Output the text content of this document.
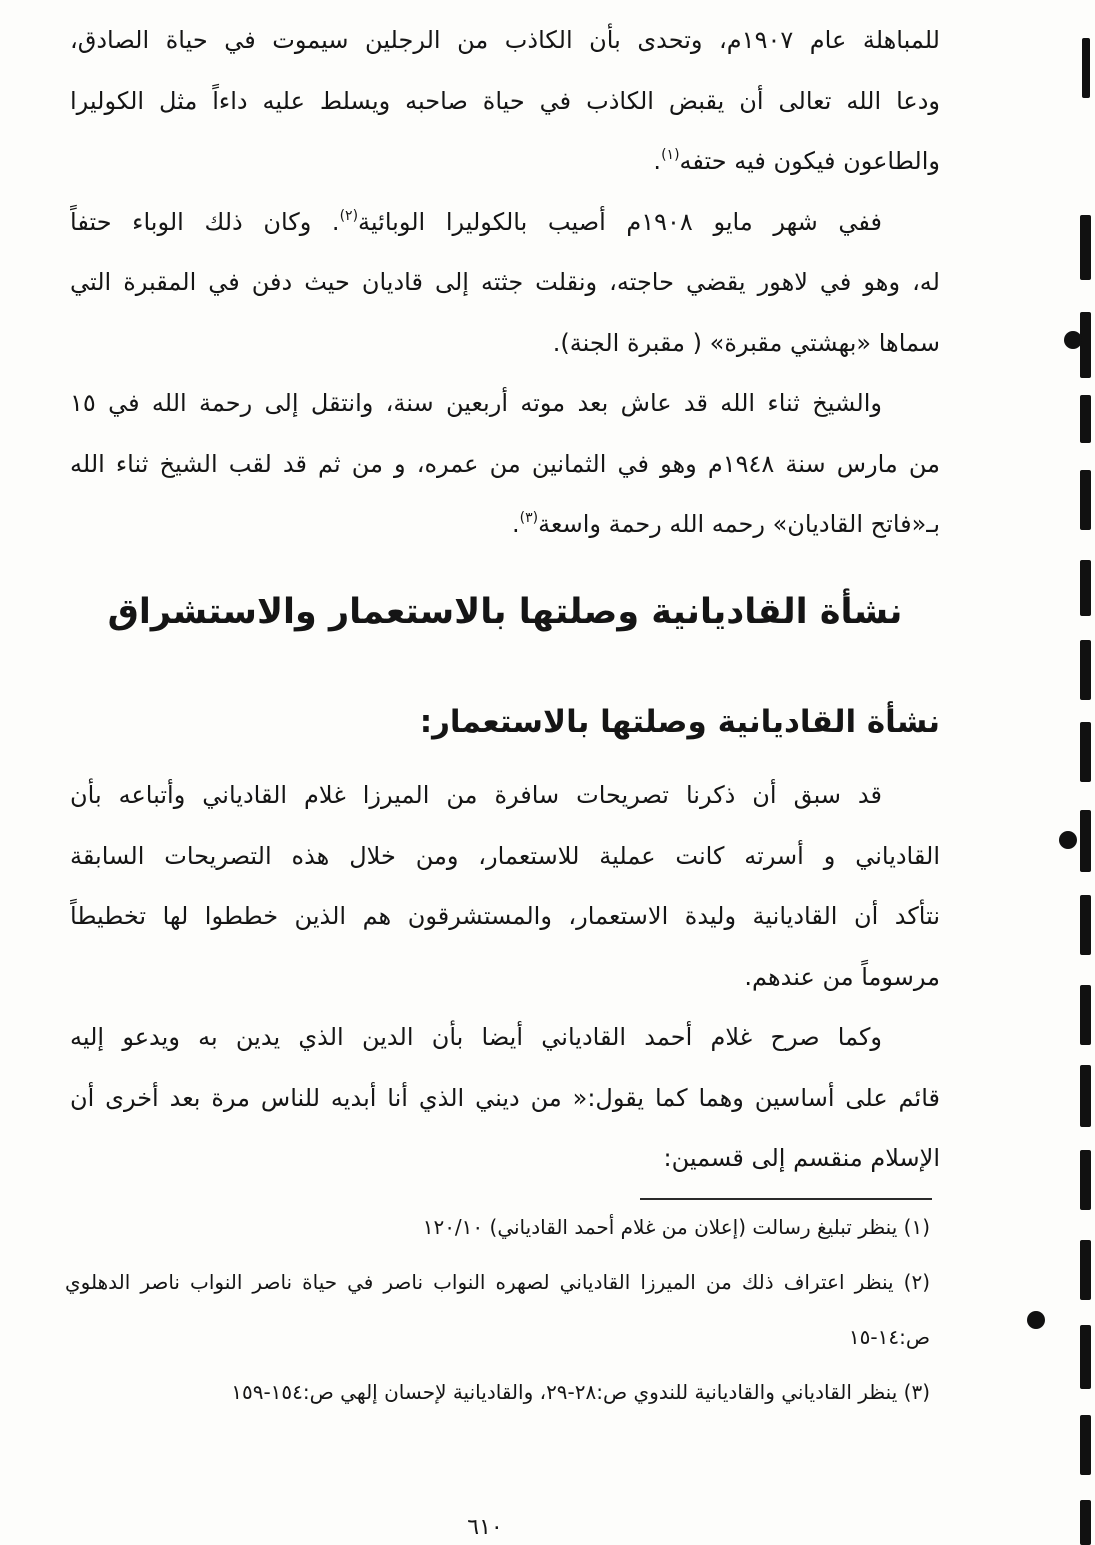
للمباهلة عام ١٩٠٧م، وتحدى بأن الكاذب من الرجلين سيموت في حياة الصادق،
ودعا الله تعالى أن يقبض الكاذب في حياة صاحبه ويسلط عليه داءاً مثل الكوليرا
والطاعون فيكون فيه حتفه$^{(١)}$.
ففي شهر مايو ١٩٠٨م أصيب بالكوليرا الوبائية$^{(٢)}$. وكان ذلك الوباء حتفاً
له، وهو في لاهور يقضي حاجته، ونقلت جثته إلى قاديان حيث دفن في المقبرة التي
سماها «بهشتي مقبرة» ( مقبرة الجنة).
والشيخ ثناء الله قد عاش بعد موته أربعين سنة، وانتقل إلى رحمة الله في ١٥
من مارس سنة ١٩٤٨م وهو في الثمانين من عمره، و من ثم قد لقب الشيخ ثناء الله
بـ«فاتح القاديان» رحمه الله رحمة واسعة$^{(٣)}$.
نشأة القاديانية وصلتها بالاستعمار والاستشراق
نشأة القاديانية وصلتها بالاستعمار:
قد سبق أن ذكرنا تصريحات سافرة من الميرزا غلام القادياني وأتباعه بأن
القادياني و أسرته كانت عملية للاستعمار، ومن خلال هذه التصريحات السابقة
نتأكد أن القاديانية وليدة الاستعمار، والمستشرقون هم الذين خططوا لها تخطيطاً
مرسوماً من عندهم.
وكما صرح غلام أحمد القادياني أيضا بأن الدين الذي يدين به ويدعو إليه
قائم على أساسين وهما كما يقول:« من ديني الذي أنا أبديه للناس مرة بعد أخرى أن
الإسلام منقسم إلى قسمين:
(١) ينظر تبليغ رسالت (إعلان من غلام أحمد القادياني) ١٢٠/١٠
(٢) ينظر اعتراف ذلك من الميرزا القادياني لصهره النواب ناصر في حياة ناصر النواب ناصر الدهلوي
ص:١٤-١٥
(٣) ينظر القادياني والقاديانية للندوي ص:٢٨-٢٩، والقاديانية لإحسان إلهي ص:١٥٤-١٥٩
٦١٠
